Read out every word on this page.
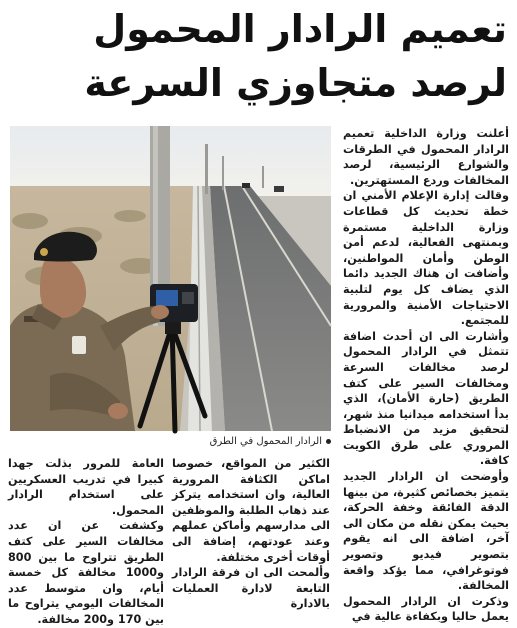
تعميم الرادار المحمول
لرصد متجاوزي السرعة
الرادار المحمول في الطرق

أعلنت وزارة الداخلية تعميم الرادار المحمول في الطرقات والشوارع الرئيسية، لرصد المخالفات وردع المستهترين.

وقالت إدارة الإعلام الأمني ان خطة تحديث كل قطاعات وزارة الداخلية مستمرة وبمنتهى الفعالية، لدعم أمن الوطن وأمان المواطنين، وأضافت ان هناك الجديد دائما الذي يضاف كل يوم لتلبية الاحتياجات الأمنية والمرورية للمجتمع.

وأشارت الى ان أحدث اضافة تتمثل في الرادار المحمول لرصد مخالفات السرعة ومخالفات السير على كتف الطريق (حارة الأمان)، الذي بدأ استخدامه ميدانيا منذ شهر، لتحقيق مزيد من الانضباط المروري على طرق الكويت كافة.

وأوضحت ان الرادار الجديد يتميز بخصائص كثيرة، من بينها الدقة الفائقة وخفة الحركة، بحيث يمكن نقله من مكان الى آخر، اضافة الى انه يقوم بتصوير فيديو وتصوير فوتوغرافي، مما يؤكد واقعة المخالفة.

وذكرت ان الرادار المحمول يعمل حاليا وبكفاءة عالية في

الكثير من المواقع، خصوصا اماكن الكثافة المرورية العالية، وان استخدامه يتركز عند ذهاب الطلبة والموظفين الى مدارسهم وأماكن عملهم وعند عودتهم، إضافة الى أوقات أخرى مختلفة.

وألمحت الى ان فرقة الرادار التابعة لادارة العمليات بالادارة

العامة للمرور بذلت جهدا كبيرا في تدريب العسكريين على استخدام الرادار المحمول.

وكشفت عن ان عدد مخالفات السير على كتف الطريق تتراوح ما بين 800 و1000 مخالفة كل خمسة أيام، وان متوسط عدد المخالفات اليومي يتراوح ما بين 170 و200 مخالفة.
